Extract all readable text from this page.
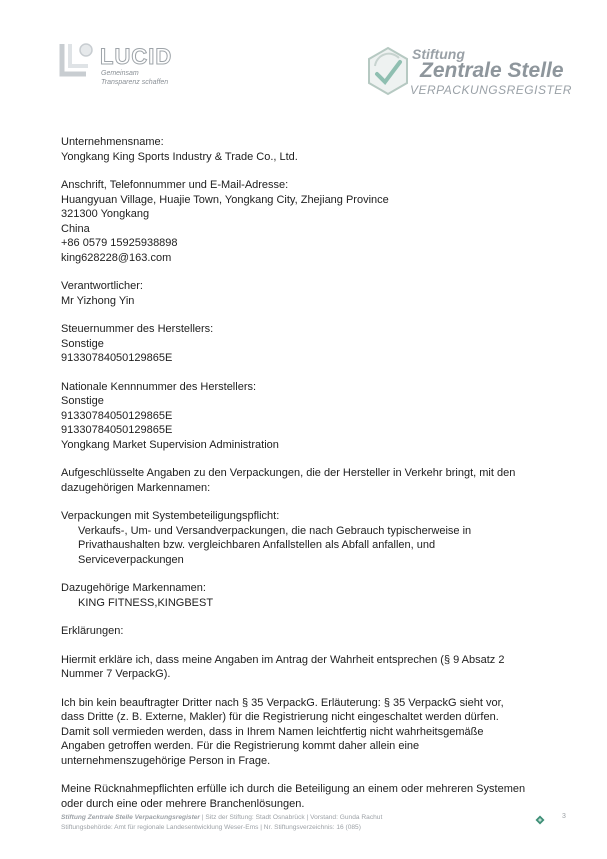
LUCID
Gemeinsam
Transparenz schaffen
Stiftung
Zentrale Stelle
VERPACKUNGSREGISTER

Unternehmensname:

Yongkang King Sports Industry & Trade Co., Ltd.

Anschrift, Telefonnummer und E-Mail-Adresse:

Huangyuan Village, Huajie Town, Yongkang City, Zhejiang Province

321300 Yongkang

China

+86 0579 15925938898

king628228@163.com

Verantwortlicher:

Mr Yizhong Yin

Steuernummer des Herstellers:

Sonstige

91330784050129865E

Nationale Kennnummer des Herstellers:

Sonstige

91330784050129865E

91330784050129865E

Yongkang Market Supervision Administration

Aufgeschlüsselte Angaben zu den Verpackungen, die der Hersteller in Verkehr bringt, mit den

dazugehörigen Markennamen:

Verpackungen mit Systembeteiligungspflicht:

Verkaufs-, Um- und Versandverpackungen, die nach Gebrauch typischerweise in

Privathaushalten bzw. vergleichbaren Anfallstellen als Abfall anfallen, und

Serviceverpackungen

Dazugehörige Markennamen:

KING FITNESS,KINGBEST

Erklärungen:

Hiermit erkläre ich, dass meine Angaben im Antrag der Wahrheit entsprechen (§ 9 Absatz 2

Nummer 7 VerpackG).

Ich bin kein beauftragter Dritter nach § 35 VerpackG. Erläuterung: § 35 VerpackG sieht vor,

dass Dritte (z. B. Externe, Makler) für die Registrierung nicht eingeschaltet werden dürfen.

Damit soll vermieden werden, dass in Ihrem Namen leichtfertig nicht wahrheitsgemäße

Angaben getroffen werden. Für die Registrierung kommt daher allein eine

unternehmenszugehörige Person in Frage.

Meine Rücknahmepflichten erfülle ich durch die Beteiligung an einem oder mehreren Systemen

oder durch eine oder mehrere Branchenlösungen.

Stiftung Zentrale Stelle Verpackungsregister | Sitz der Stiftung: Stadt Osnabrück | Vorstand: Gunda Rachut
Stiftungsbehörde: Amt für regionale Landesentwicklung Weser-Ems | Nr. Stiftungsverzeichnis: 16 (085)
3
